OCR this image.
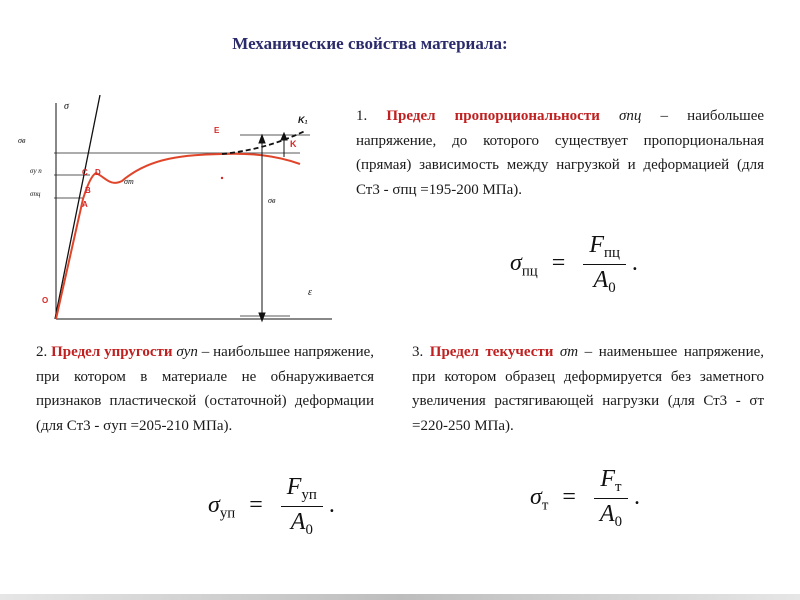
Механические свойства материала:
σ
ε
σв
σу п
σпц
σт
σв
K₁
E
K
C D
B
A
O
1. Предел пропорциональности σпц – наибольшее напряжение, до которого существует пропорциональная (прямая) зависимость между нагрузкой и деформацией (для Ст3 - σпц =195-200 МПа).
$\sigma_{пц} = \frac{F_{пц}}{A_0}$ .
2. Предел упругости σуп – наибольшее напряжение, при котором в материале не обнаруживается признаков пластической (остаточной) деформации (для Ст3 - σуп =205-210 МПа).
$\sigma_{уп} = \frac{F_{уп}}{A_0}$ .
3. Предел текучести σт – наименьшее напряжение, при котором образец деформируется без заметного увеличения растягивающей нагрузки (для Ст3 - σт =220-250 МПа).
$\sigma_т = \frac{F_т}{A_0}$ .
